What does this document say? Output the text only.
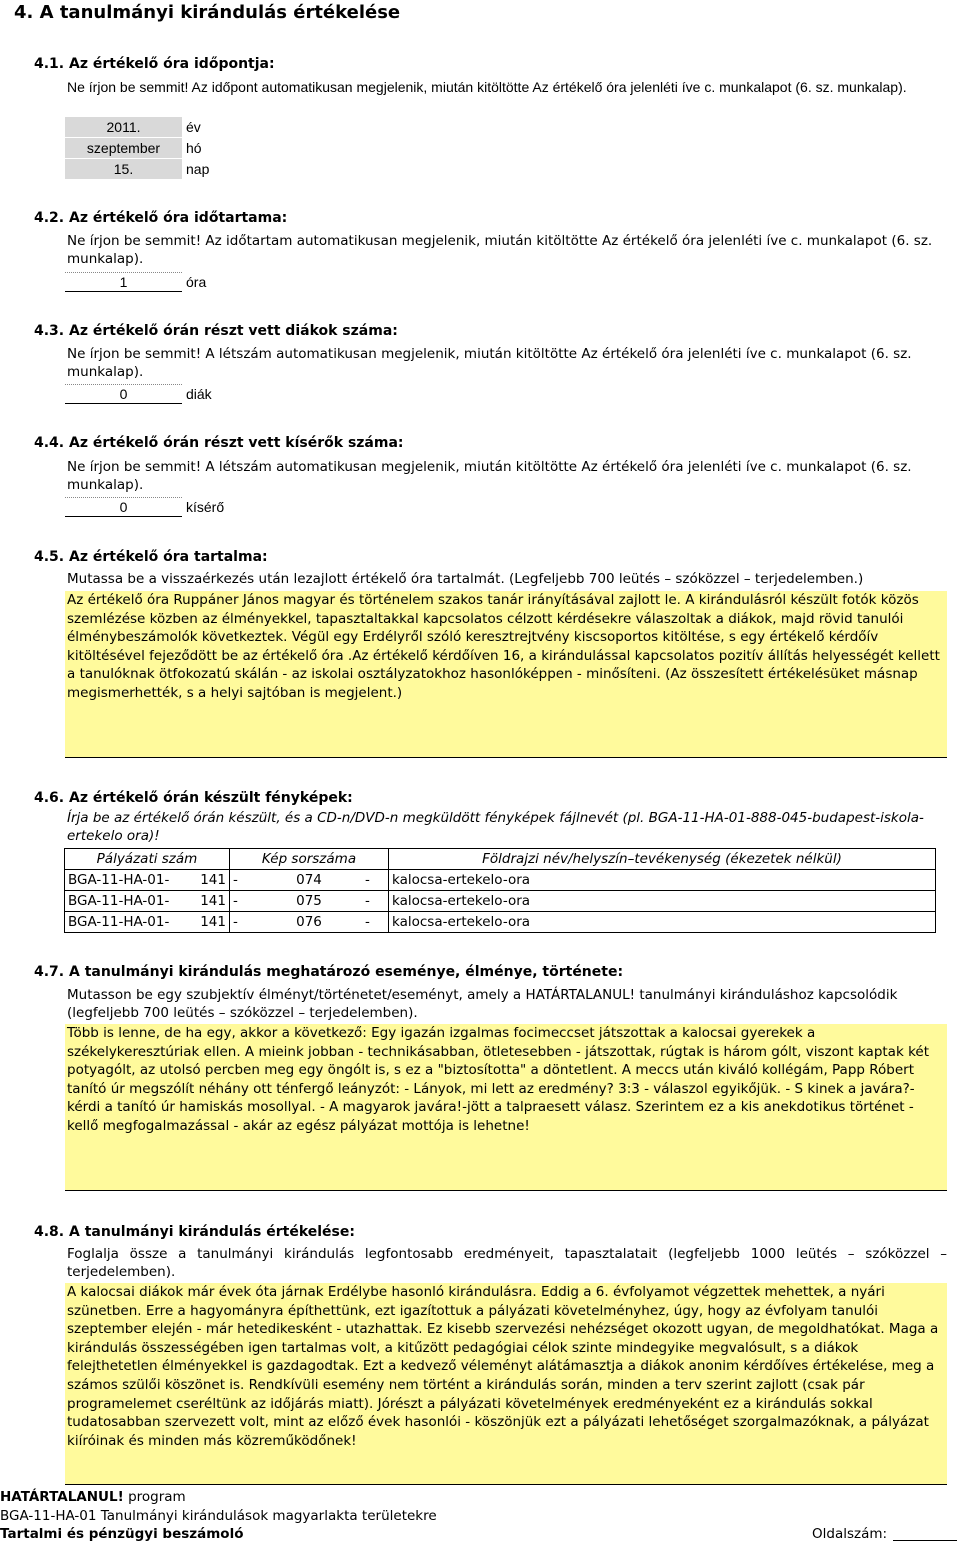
4. A tanulmányi kirándulás értékelése
4.1. Az értékelő óra időpontja:
Ne írjon be semmit! Az időpont automatikusan megjelenik, miután kitöltötte Az értékelő óra jelenléti íve c. munkalapot (6. sz. munkalap).
2011.	év
szeptember	hó
15.	nap
4.2. Az értékelő óra időtartama:
Ne írjon be semmit! Az időtartam automatikusan megjelenik, miután kitöltötte Az értékelő óra jelenléti íve c. munkalapot (6. sz. munkalap).
1	óra
4.3. Az értékelő órán részt vett diákok száma:
Ne írjon be semmit! A létszám automatikusan megjelenik, miután kitöltötte Az értékelő óra jelenléti íve c. munkalapot (6. sz. munkalap).
0	diák
4.4. Az értékelő órán részt vett kísérők száma:
Ne írjon be semmit! A létszám automatikusan megjelenik, miután kitöltötte Az értékelő óra jelenléti íve c. munkalapot (6. sz. munkalap).
0	kísérő
4.5. Az értékelő óra tartalma:
Mutassa be a visszaérkezés után lezajlott értékelő óra tartalmát. (Legfeljebb 700 leütés – szóközzel – terjedelemben.)
Az értékelő óra Ruppáner János magyar és történelem szakos tanár irányításával zajlott le. A kirándulásról készült fotók közös szemlézése közben az élményekkel, tapasztaltakkal kapcsolatos célzott kérdésekre válaszoltak a diákok, majd rövid tanulói élménybeszámolók következtek. Végül egy Erdélyről szóló keresztrejtvény kiscsoportos kitöltése, s egy értékelő kérdőív kitöltésével fejeződött be az értékelő óra .Az értékelő kérdőíven 16, a kirándulással kapcsolatos pozitív állítás helyességét kellett a tanulóknak ötfokozatú skálán - az iskolai osztályzatokhoz hasonlóképpen - minősíteni. (Az összesített értékelésüket másnap megismerhették, s a helyi sajtóban is megjelent.)
4.6. Az értékelő órán készült fényképek:
Írja be az értékelő órán készült, és a CD-n/DVD-n megküldött fényképek fájlnevét (pl. BGA-11-HA-01-888-045-budapest-iskola-ertekelo ora)!
Pályázati szám		Kép sorszáma			Földrajzi név/helyszín–tevékenység (ékezetek nélkül)
BGA-11-HA-01-	141	-	074	-	kalocsa-ertekelo-ora
BGA-11-HA-01-	141	-	075	-	kalocsa-ertekelo-ora
BGA-11-HA-01-	141	-	076	-	kalocsa-ertekelo-ora
4.7. A tanulmányi kirándulás meghatározó eseménye, élménye, története:
Mutasson be egy szubjektív élményt/történetet/eseményt, amely a HATÁRTALANUL! tanulmányi kiránduláshoz kapcsolódik (legfeljebb 700 leütés – szóközzel – terjedelemben).
Több is lenne, de ha egy, akkor a következő: Egy igazán izgalmas focimeccset játszottak a kalocsai gyerekek a székelykeresztúriak ellen. A mieink jobban - technikásabban, ötletesebben - játszottak, rúgtak is három gólt, viszont kaptak két potyagólt, az utolsó percben meg egy öngólt is, s ez a "biztosította" a döntetlent. A meccs után kiváló kollégám, Papp Róbert tanító úr megszólít néhány ott ténfergő leányzót: - Lányok, mi lett az eredmény? 3:3 - válaszol egyikőjük. - S kinek a javára?- kérdi a tanító úr hamiskás mosollyal. - A magyarok javára!-jött a talpraesett válasz. Szerintem ez a kis anekdotikus történet - kellő megfogalmazással - akár az egész pályázat mottója is lehetne!
4.8. A tanulmányi kirándulás értékelése:
Foglalja össze a tanulmányi kirándulás legfontosabb eredményeit, tapasztalatait (legfeljebb 1000 leütés – szóközzel – terjedelemben).
A kalocsai diákok már évek óta járnak Erdélybe hasonló kirándulásra. Eddig a 6. évfolyamot végzettek mehettek, a nyári szünetben. Erre a hagyományra építhettünk, ezt igazítottuk a pályázati követelményhez, úgy, hogy az évfolyam tanulói szeptember elején - már hetedikesként - utazhattak. Ez kisebb szervezési nehézséget okozott ugyan, de megoldhatókat. Maga a kirándulás összességében igen tartalmas volt, a kitűzött pedagógiai célok szinte mindegyike megvalósult, s a diákok felejthetetlen élményekkel is gazdagodtak. Ezt a kedvező véleményt alátámasztja a diákok anonim kérdőíves értékelése, meg a számos szülői köszönet is. Rendkívüli esemény nem történt a kirándulás során, minden a terv szerint zajlott (csak pár programelemet cseréltünk az időjárás miatt). Jórészt a pályázati követelmények eredményeként ez a kirándulás sokkal tudatosabban szervezett volt, mint az előző évek hasonlói - köszönjük ezt a pályázati lehetőséget szorgalmazóknak, a pályázat kiíróinak és minden más közreműködőnek!
HATÁRTALANUL! program
BGA-11-HA-01 Tanulmányi kirándulások magyarlakta területekre
Tartalmi és pénzügyi beszámoló	Oldalszám:
